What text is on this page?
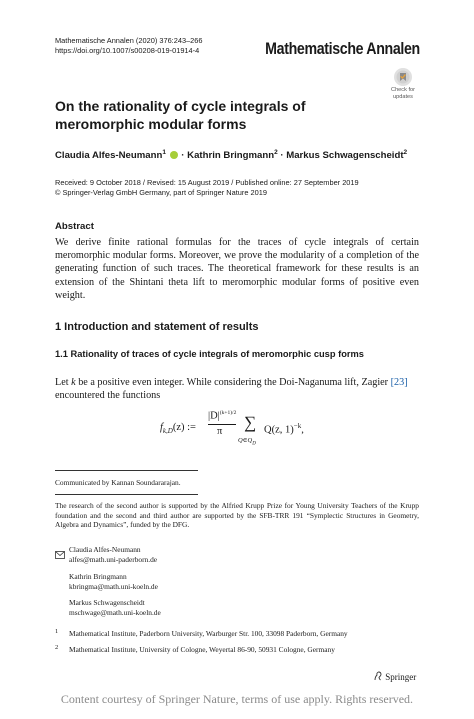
Mathematische Annalen (2020) 376:243–266
https://doi.org/10.1007/s00208-019-01914-4	Mathematische Annalen
Check for
updates
On the rationality of cycle integrals of meromorphic modular forms
Claudia Alfes-Neumann$^1$ · Kathrin Bringmann$^2$ · Markus Schwagenscheidt$^2$
Received: 9 October 2018 / Revised: 15 August 2019 / Published online: 27 September 2019
© Springer-Verlag GmbH Germany, part of Springer Nature 2019
Abstract
We derive finite rational formulas for the traces of cycle integrals of certain meromorphic modular forms. Moreover, we prove the modularity of a completion of the generating function of such traces. The theoretical framework for these results is an extension of the Shintani theta lift to meromorphic modular forms of positive even weight.
1 Introduction and statement of results
1.1 Rationality of traces of cycle integrals of meromorphic cusp forms
Let k be a positive even integer. While considering the Doi-Naganuma lift, Zagier [23] encountered the functions
$f_{k,D}(z)$ :=
$|D|^{(k+1)/2}$
π ∑
$Q\in Q_D$
Q(z, 1)$^{-k}$,
Communicated by Kannan Soundararajan.
The research of the second author is supported by the Alfried Krupp Prize for Young University Teachers of the Krupp foundation and the second and third author are supported by the SFB-TRR 191 “Symplectic Structures in Geometry, Algebra and Dynamics”, funded by the DFG.
Claudia Alfes-Neumann
alfes@math.uni-paderborn.de
Kathrin Bringmann
kbringma@math.uni-koeln.de
Markus Schwagenscheidt
mschwage@math.uni-koeln.de
1 Mathematical Institute, Paderborn University, Warburger Str. 100, 33098 Paderborn, Germany
2 Mathematical Institute, University of Cologne, Weyertal 86-90, 50931 Cologne, Germany
Springer
Content courtesy of Springer Nature, terms of use apply. Rights reserved.
